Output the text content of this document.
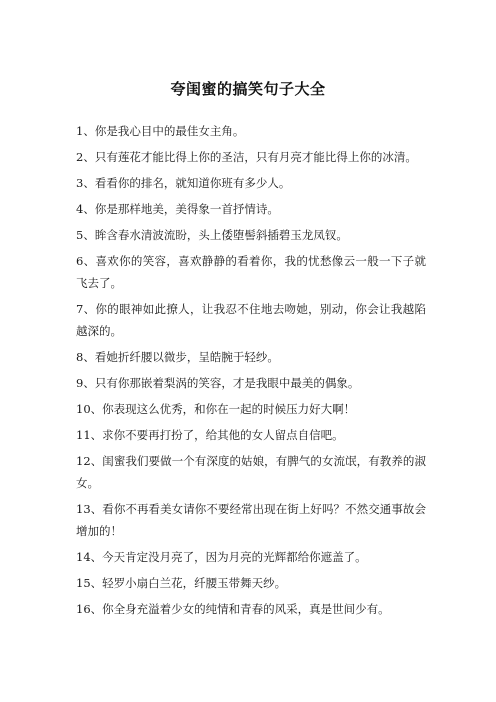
夸闺蜜的搞笑句子大全
1、你是我心目中的最佳女主角。
2、只有莲花才能比得上你的圣洁，只有月亮才能比得上你的冰清。
3、看看你的排名，就知道你班有多少人。
4、你是那样地美，美得象一首抒情诗。
5、眸含春水清波流盼，头上倭堕髻斜插碧玉龙凤钗。
6、喜欢你的笑容，喜欢静静的看着你，我的忧愁像云一般一下子就飞去了。
7、你的眼神如此撩人，让我忍不住地去吻她，别动，你会让我越陷越深的。
8、看她折纤腰以微步，呈皓腕于轻纱。
9、只有你那嵌着梨涡的笑容，才是我眼中最美的偶象。
10、你表现这么优秀，和你在一起的时候压力好大啊！
11、求你不要再打扮了，给其他的女人留点自信吧。
12、闺蜜我们要做一个有深度的姑娘，有脾气的女流氓，有教养的淑女。
13、看你不再看美女请你不要经常出现在街上好吗？不然交通事故会增加的！
14、今天肯定没月亮了，因为月亮的光辉都给你遮盖了。
15、轻罗小扇白兰花，纤腰玉带舞天纱。
16、你全身充溢着少女的纯情和青春的风采，真是世间少有。
